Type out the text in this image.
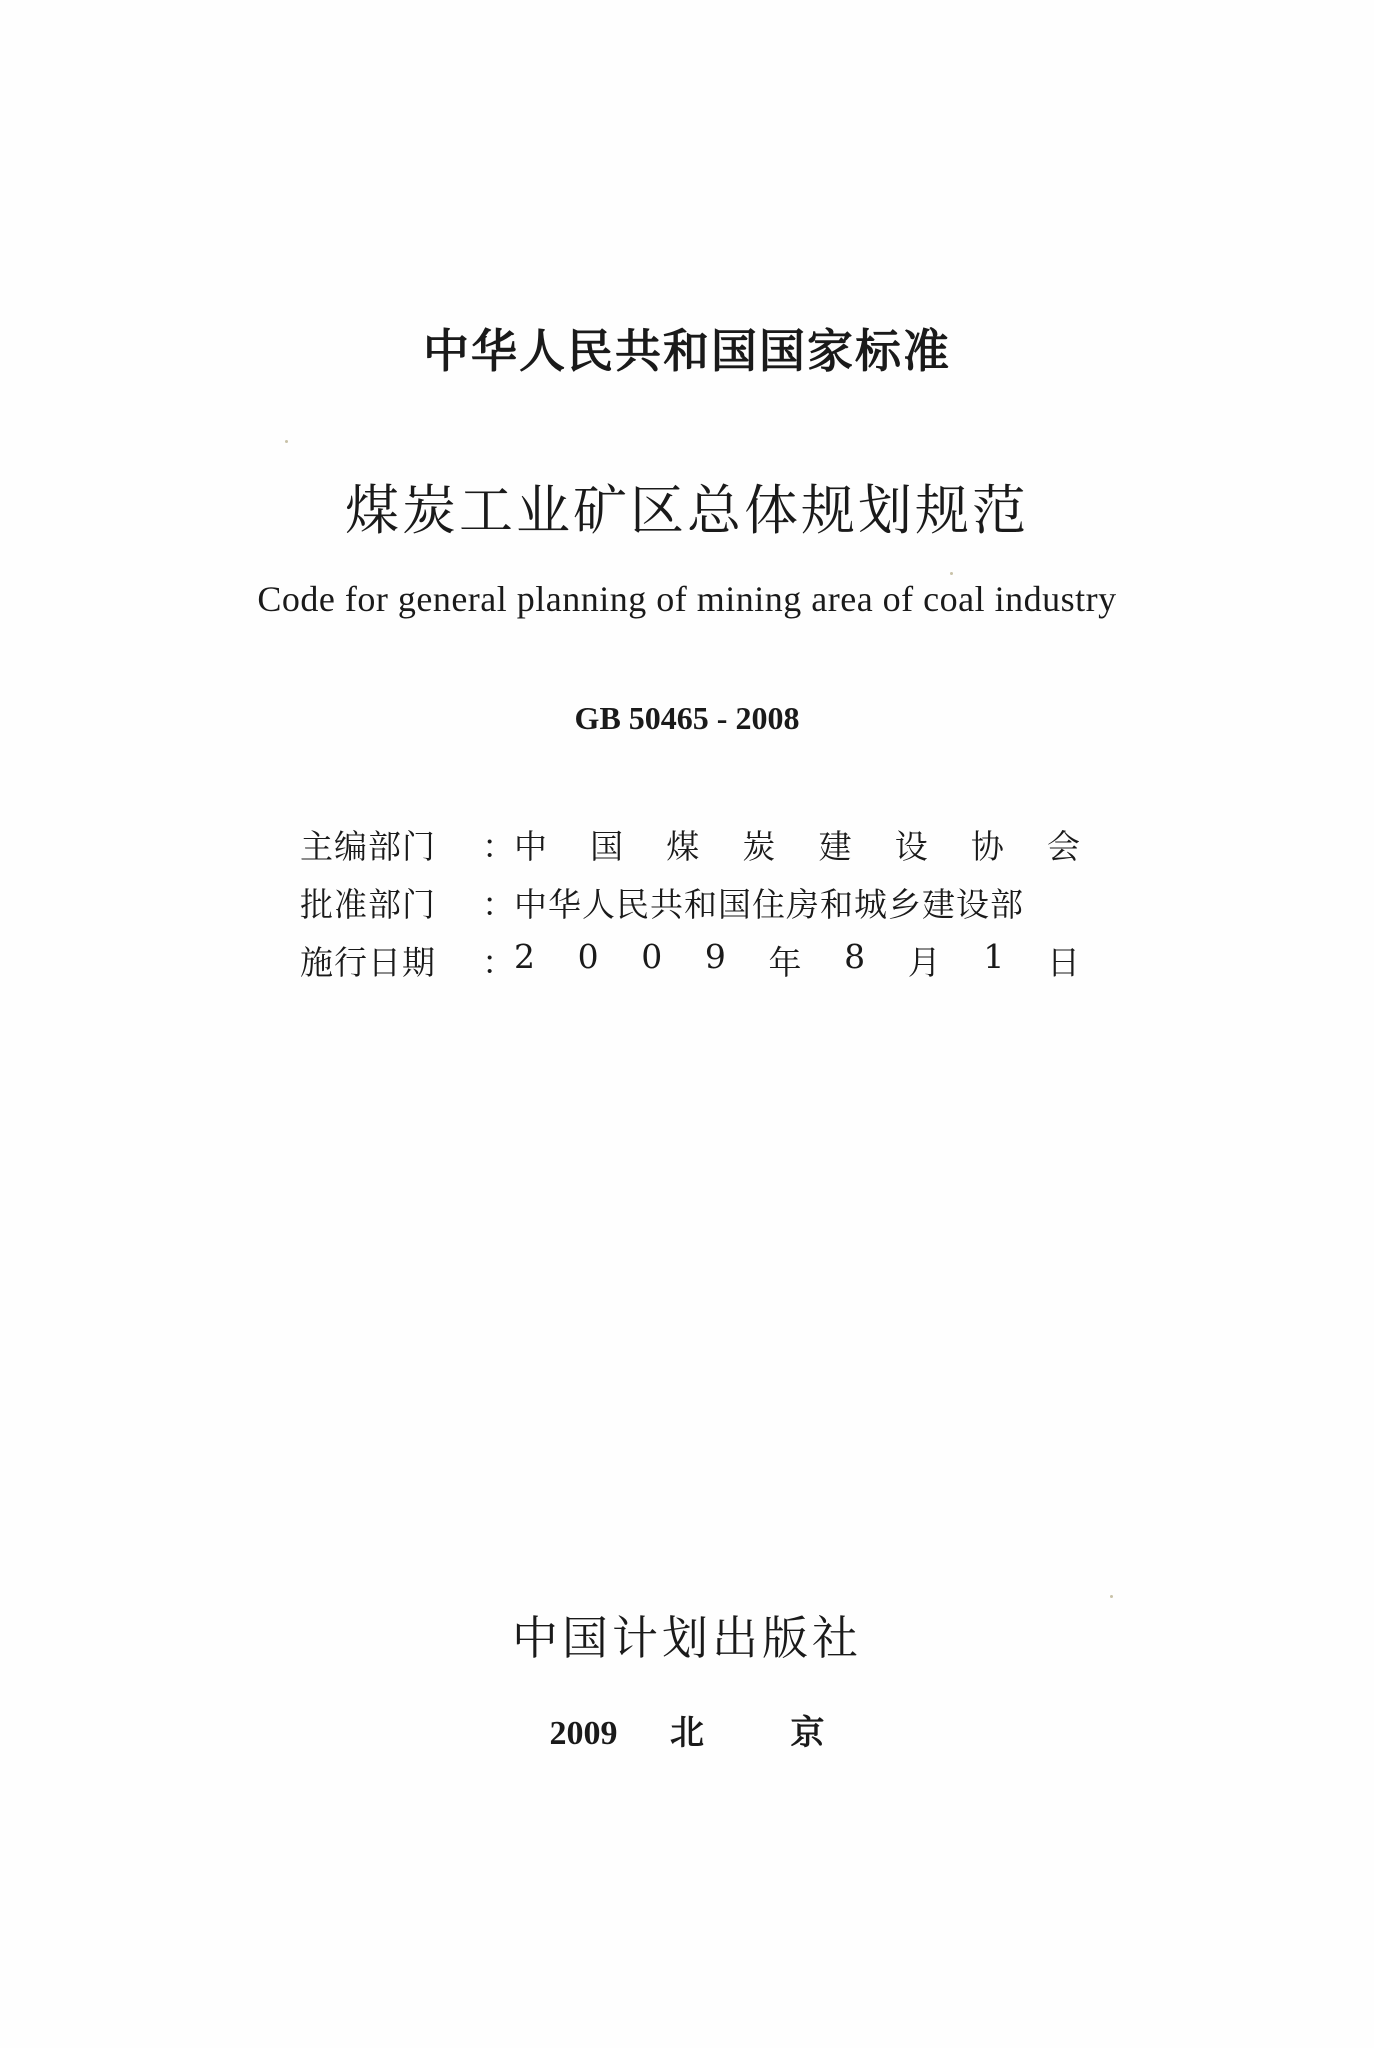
中华人民共和国国家标准
煤炭工业矿区总体规划规范
Code for general planning of mining area of coal industry
GB 50465 - 2008
主编部门	： 中 国 煤 炭 建 设 协 会
批准部门	： 中华人民共和国住房和城乡建设部
施行日期	： 2 0 0 9 年 8 月 1 日
中国计划出版社
2009 北	京
